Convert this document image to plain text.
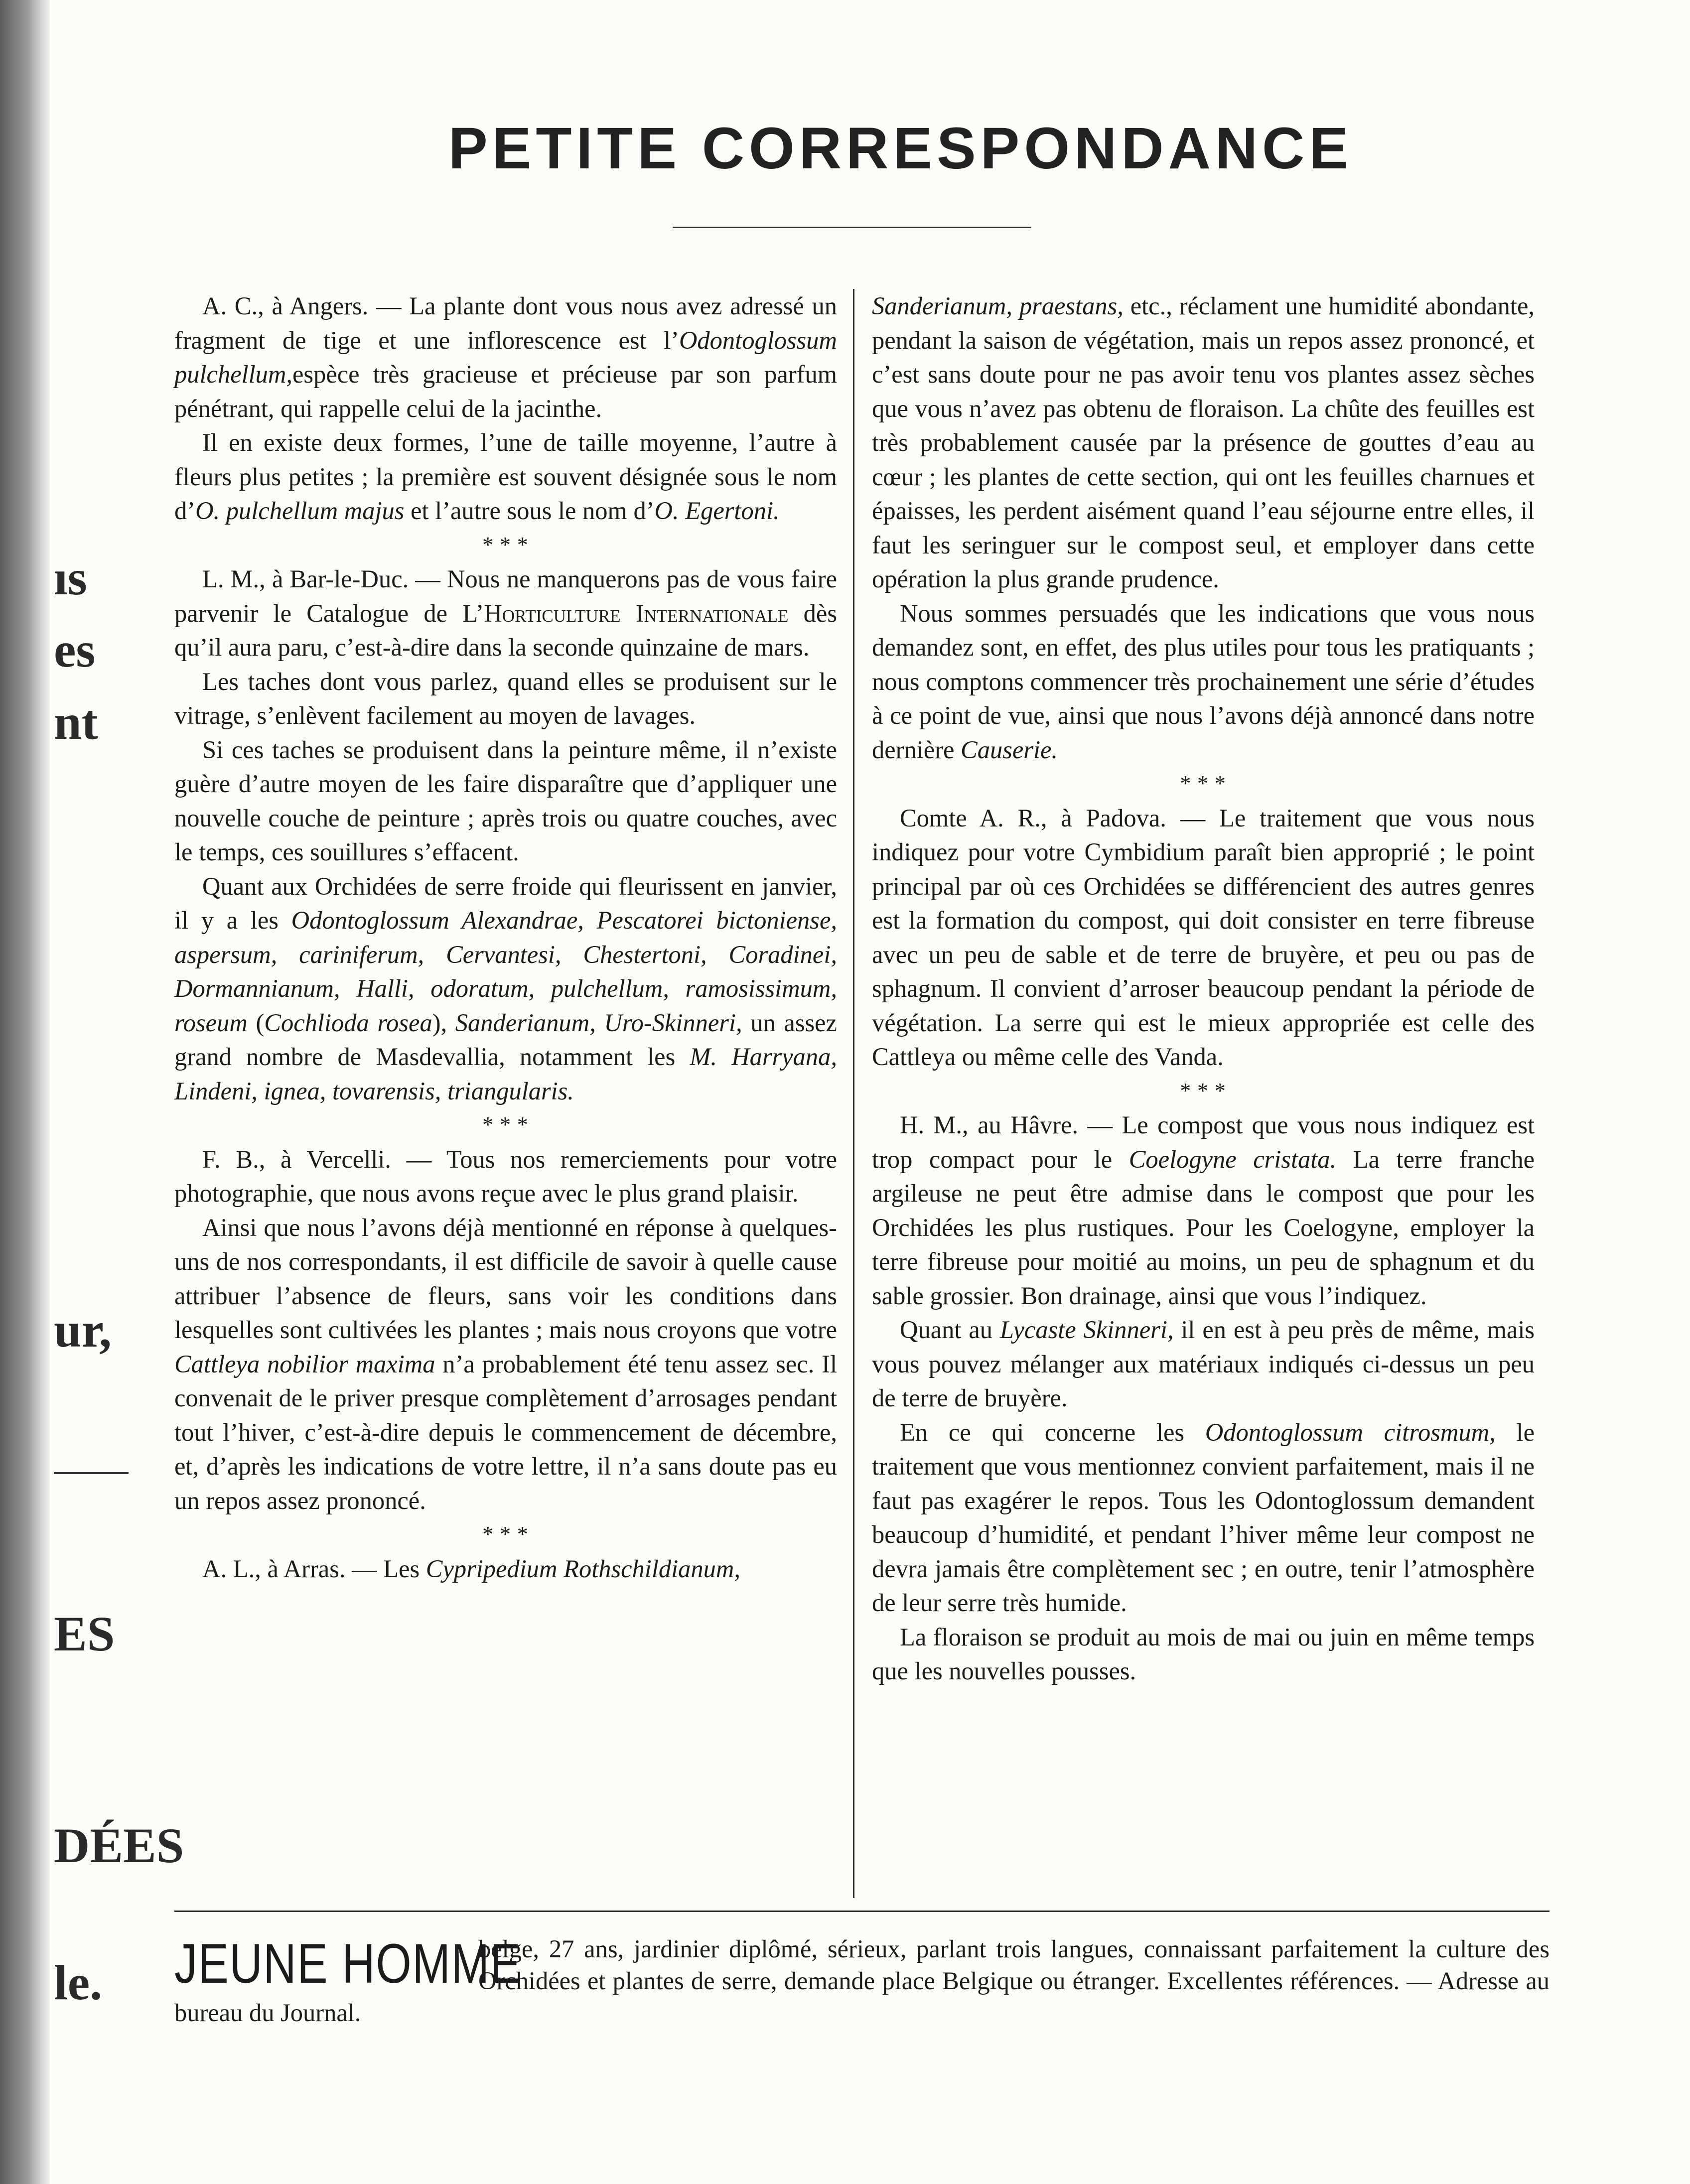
ıs
es
nt
ur,
ES
DÉES
le.
PETITE CORRESPONDANCE

A. C., à Angers. — La plante dont vous nous avez adressé un fragment de tige et une inflorescence est l’Odontoglossum pulchellum,espèce très gracieuse et précieuse par son parfum pénétrant, qui rappelle celui de la jacinthe.

Il en existe deux formes, l’une de taille moyenne, l’autre à fleurs plus petites ; la première est souvent désignée sous le nom d’O. pulchellum majus et l’autre sous le nom d’O. Egertoni.

* * *

L. M., à Bar-le-Duc. — Nous ne manquerons pas de vous faire parvenir le Catalogue de L’Horticulture Internationale dès qu’il aura paru, c’est-à-dire dans la seconde quinzaine de mars.

Les taches dont vous parlez, quand elles se produisent sur le vitrage, s’enlèvent facilement au moyen de lavages.

Si ces taches se produisent dans la peinture même, il n’existe guère d’autre moyen de les faire disparaître que d’appliquer une nouvelle couche de peinture ; après trois ou quatre couches, avec le temps, ces souillures s’effacent.

Quant aux Orchidées de serre froide qui fleurissent en janvier, il y a les Odontoglossum Alexandrae, Pescatorei bictoniense, aspersum, cariniferum, Cervantesi, Chestertoni, Coradinei, Dormannianum, Halli, odoratum, pulchellum, ramosissimum, roseum (Cochlioda rosea), Sanderianum, Uro-Skinneri, un assez grand nombre de Masdevallia, notamment les M. Harryana, Lindeni, ignea, tovarensis, triangularis.

* * *

F. B., à Vercelli. — Tous nos remerciements pour votre photographie, que nous avons reçue avec le plus grand plaisir.

Ainsi que nous l’avons déjà mentionné en réponse à quelques-uns de nos correspondants, il est difficile de savoir à quelle cause attribuer l’absence de fleurs, sans voir les conditions dans lesquelles sont cultivées les plantes ; mais nous croyons que votre Cattleya nobilior maxima n’a probablement été tenu assez sec. Il convenait de le priver presque complètement d’arrosages pendant tout l’hiver, c’est-à-dire depuis le commencement de décembre, et, d’après les indications de votre lettre, il n’a sans doute pas eu un repos assez prononcé.

* * *

A. L., à Arras. — Les Cypripedium Rothschildianum,

Sanderianum, praestans, etc., réclament une humidité abondante, pendant la saison de végétation, mais un repos assez prononcé, et c’est sans doute pour ne pas avoir tenu vos plantes assez sèches que vous n’avez pas obtenu de floraison. La chûte des feuilles est très probablement causée par la présence de gouttes d’eau au cœur ; les plantes de cette section, qui ont les feuilles charnues et épaisses, les perdent aisément quand l’eau séjourne entre elles, il faut les seringuer sur le compost seul, et employer dans cette opération la plus grande prudence.

Nous sommes persuadés que les indications que vous nous demandez sont, en effet, des plus utiles pour tous les pratiquants ; nous comptons commencer très prochainement une série d’études à ce point de vue, ainsi que nous l’avons déjà annoncé dans notre dernière Causerie.

* * *

Comte A. R., à Padova. — Le traitement que vous nous indiquez pour votre Cymbidium paraît bien approprié ; le point principal par où ces Orchidées se différencient des autres genres est la formation du compost, qui doit consister en terre fibreuse avec un peu de sable et de terre de bruyère, et peu ou pas de sphagnum. Il convient d’arroser beaucoup pendant la période de végétation. La serre qui est le mieux appropriée est celle des Cattleya ou même celle des Vanda.

* * *

H. M., au Hâvre. — Le compost que vous nous indiquez est trop compact pour le Coelogyne cristata. La terre franche argileuse ne peut être admise dans le compost que pour les Orchidées les plus rustiques. Pour les Coelogyne, employer la terre fibreuse pour moitié au moins, un peu de sphagnum et du sable grossier. Bon drainage, ainsi que vous l’indiquez.

Quant au Lycaste Skinneri, il en est à peu près de même, mais vous pouvez mélanger aux matériaux indiqués ci-dessus un peu de terre de bruyère.

En ce qui concerne les Odontoglossum citrosmum, le traitement que vous mentionnez convient parfaitement, mais il ne faut pas exagérer le repos. Tous les Odontoglossum demandent beaucoup d’humidité, et pendant l’hiver même leur compost ne devra jamais être complètement sec ; en outre, tenir l’atmosphère de leur serre très humide.

La floraison se produit au mois de mai ou juin en même temps que les nouvelles pousses.

JEUNE HOMME
belge, 27 ans, jardinier diplômé, sérieux, parlant trois langues, connaissant parfaitement la culture des Orchidées et plantes de serre, demande place Belgique ou étranger. Excellentes références. — Adresse au bureau du Journal.
